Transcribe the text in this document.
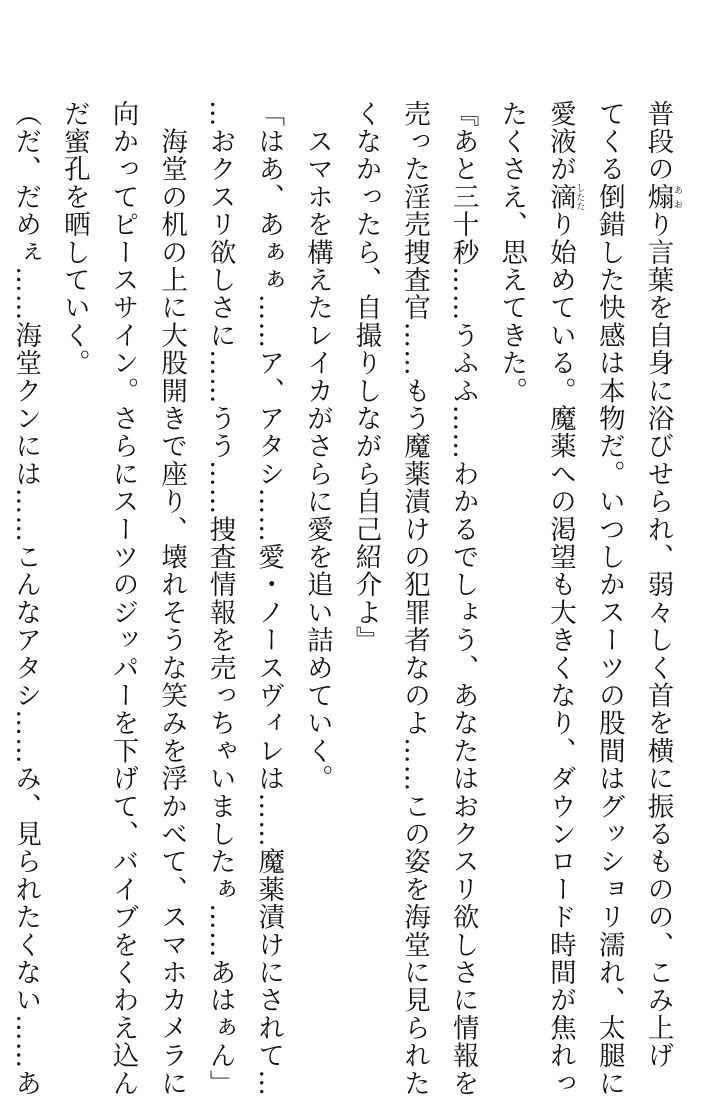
普段の煽あおり言葉を自身に浴びせられ、弱々しく首を横に振るものの、こみ上げ
てくる倒錯した快感は本物だ。いつしかスーツの股間はグッショリ濡れ、太腿に
愛液が滴したたり始めている。魔薬への渇望も大きくなり、ダウンロード時間が焦れっ
たくさえ、思えてきた。
『あと三十秒……うふふ……わかるでしょう、あなたはおクスリ欲しさに情報を
売った淫売捜査官……もう魔薬漬けの犯罪者なのよ……この姿を海堂に見られた
くなかったら、自撮りしながら自己紹介よ』
　スマホを構えたレイカがさらに愛を追い詰めていく。
「はあ、あぁぁ……ア、アタシ……愛・ノースヴィレは……魔薬漬けにされて…
…おクスリ欲しさに……うう……捜査情報を売っちゃいましたぁ……あはぁん」
　海堂の机の上に大股開きで座り、壊れそうな笑みを浮かべて、スマホカメラに
向かってピースサイン。さらにスーツのジッパーを下げて、バイブをくわえ込ん
だ蜜孔を晒していく。
（だ、だめぇ……海堂クンには……こんなアタシ……み、見られたくない……あ
